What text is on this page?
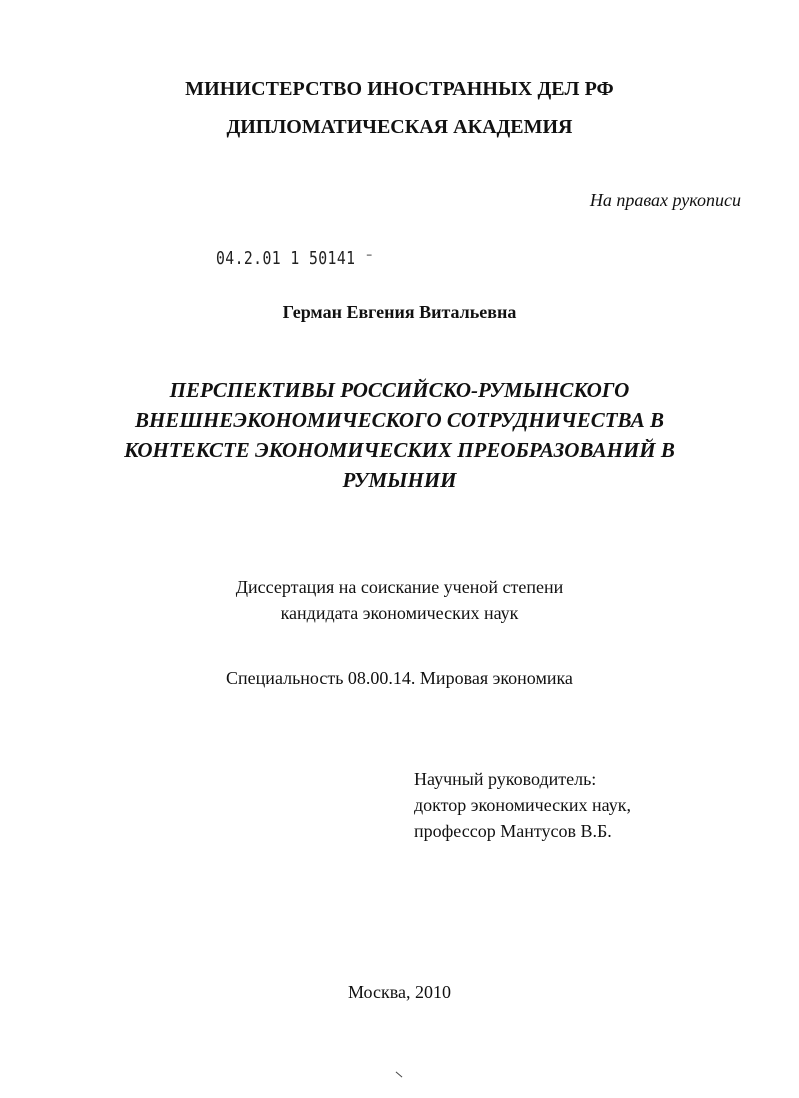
МИНИСТЕРСТВО ИНОСТРАННЫХ ДЕЛ РФ
ДИПЛОМАТИЧЕСКАЯ АКАДЕМИЯ
На правах рукописи
04.2.01 1 50141 ⁻
Герман Евгения Витальевна
ПЕРСПЕКТИВЫ РОССИЙСКО-РУМЫНСКОГО
ВНЕШНЕЭКОНОМИЧЕСКОГО СОТРУДНИЧЕСТВА В
КОНТЕКСТЕ ЭКОНОМИЧЕСКИХ ПРЕОБРАЗОВАНИЙ В
РУМЫНИИ
Диссертация на соискание ученой степени
кандидата экономических наук
Специальность 08.00.14. Мировая экономика
Научный руководитель:
доктор экономических наук,
профессор Мантусов В.Б.
Москва, 2010
